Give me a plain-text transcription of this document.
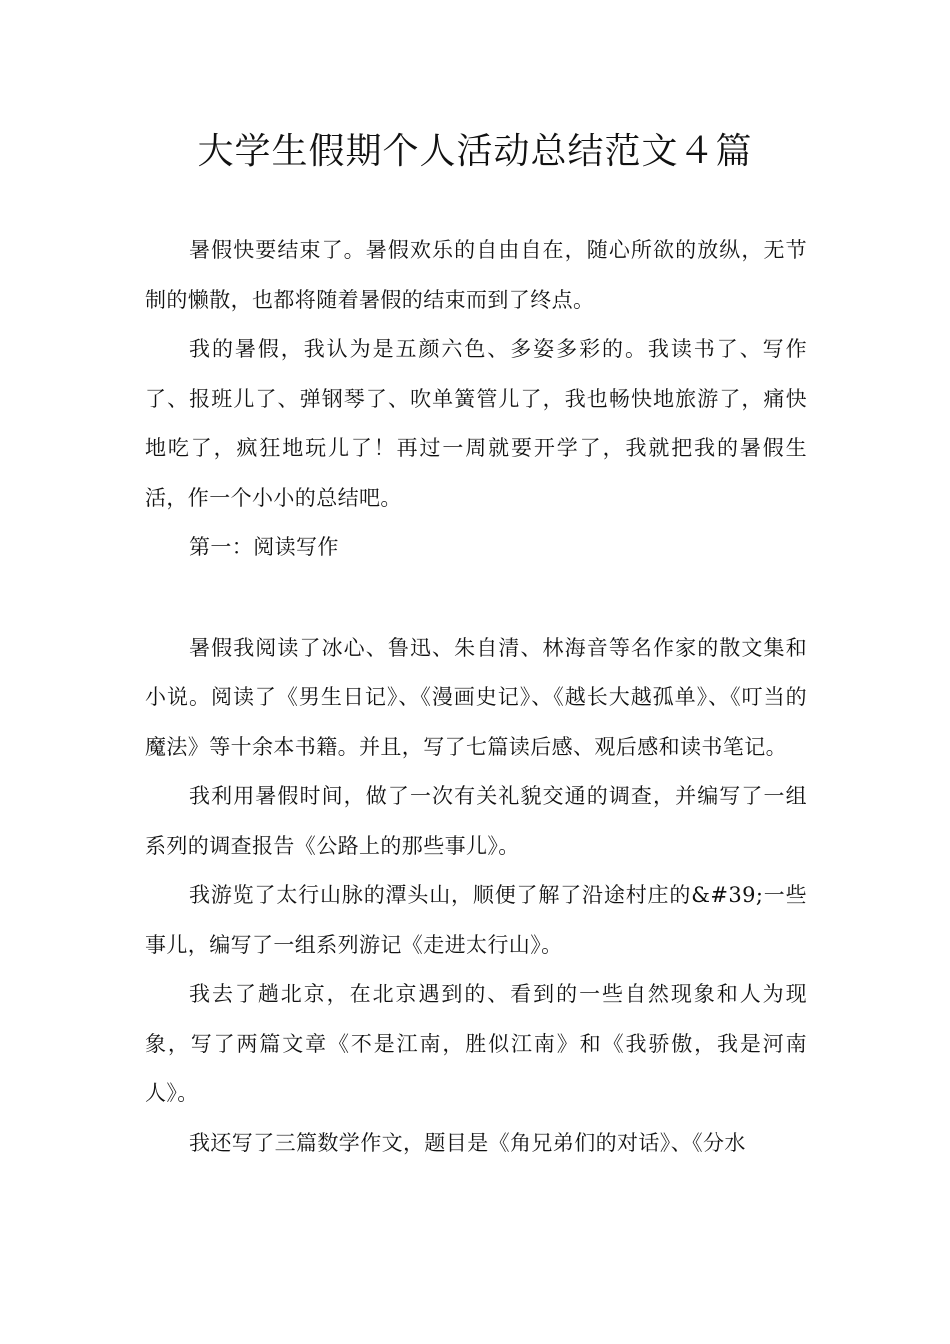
大学生假期个人活动总结范文４篇

暑假快要结束了。暑假欢乐的自由自在，随心所欲的放纵，无节制的懒散，也都将随着暑假的结束而到了终点。

我的暑假，我认为是五颜六色、多姿多彩的。我读书了、写作了、报班儿了、弹钢琴了、吹单簧管儿了，我也畅快地旅游了，痛快地吃了，疯狂地玩儿了！再过一周就要开学了，我就把我的暑假生活，作一个小小的总结吧。

第一：阅读写作

暑假我阅读了冰心、鲁迅、朱自清、林海音等名作家的散文集和小说。阅读了《男生日记》、《漫画史记》、《越长大越孤单》、《叮当的魔法》等十余本书籍。并且，写了七篇读后感、观后感和读书笔记。

我利用暑假时间，做了一次有关礼貌交通的调查，并编写了一组系列的调查报告《公路上的那些事儿》。

我游览了太行山脉的潭头山，顺便了解了沿途村庄的&#39;一些事儿，编写了一组系列游记《走进太行山》。

我去了趟北京，在北京遇到的、看到的一些自然现象和人为现象，写了两篇文章《不是江南，胜似江南》和《我骄傲，我是河南人》。

我还写了三篇数学作文，题目是《角兄弟们的对话》、《分水
